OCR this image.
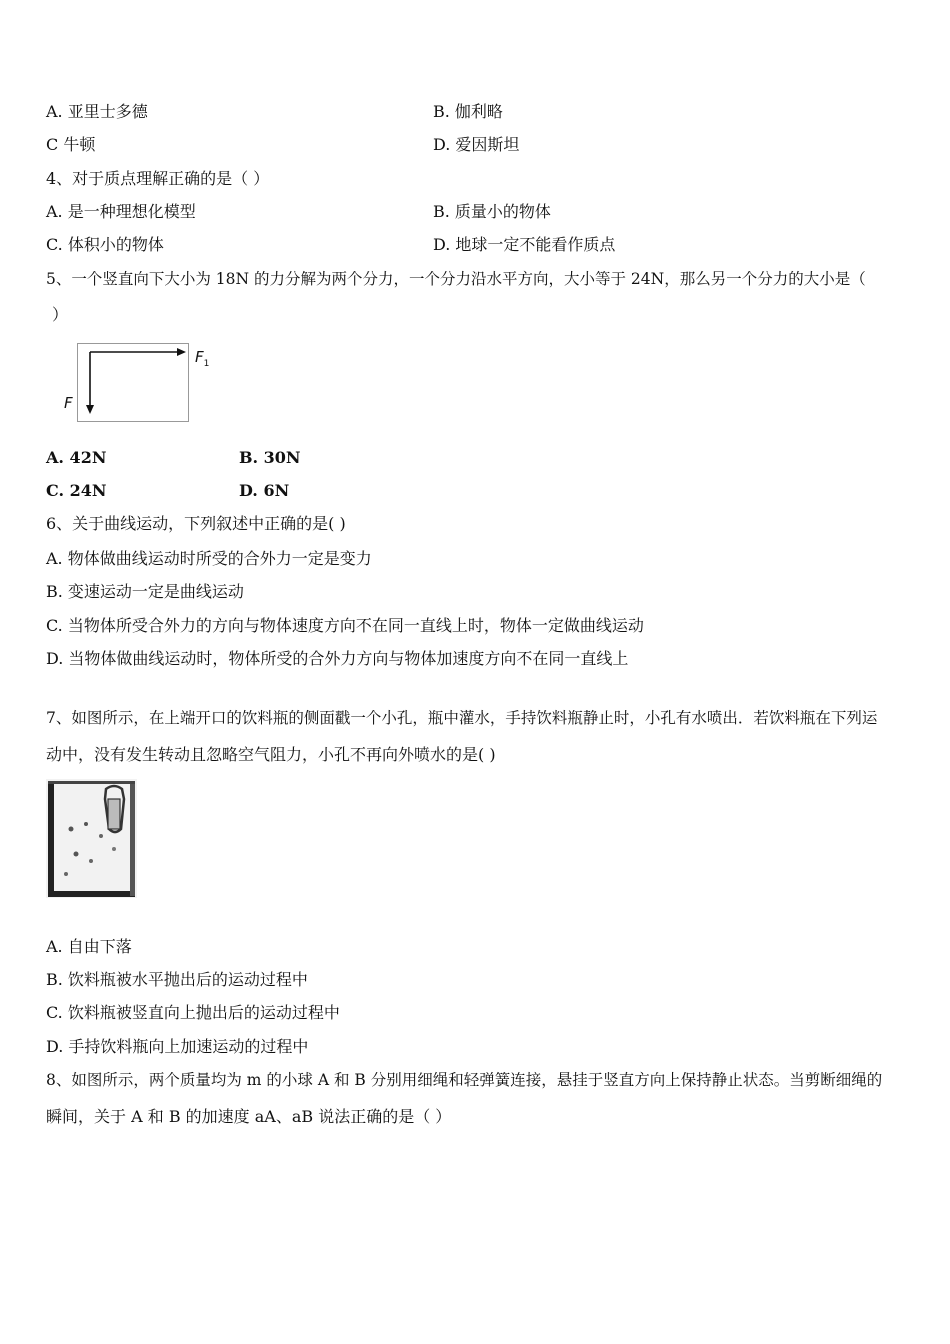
A. 亚里士多德	B. 伽利略
C 牛顿	D. 爱因斯坦
4、对于质点理解正确的是（ ）
A. 是一种理想化模型	B. 质量小的物体
C. 体积小的物体	D. 地球一定不能看作质点
5、一个竖直向下大小为 18N 的力分解为两个分力，一个分力沿水平方向，大小等于 24N，那么另一个分力的大小是（
）
$F_1$
F
A. 42N	B. 30N
C. 24N	D. 6N
6、关于曲线运动，下列叙述中正确的是( )
A. 物体做曲线运动时所受的合外力一定是变力
B. 变速运动一定是曲线运动
C. 当物体所受合外力的方向与物体速度方向不在同一直线上时，物体一定做曲线运动
D. 当物体做曲线运动时，物体所受的合外力方向与物体加速度方向不在同一直线上
7、如图所示，在上端开口的饮料瓶的侧面戳一个小孔，瓶中灌水，手持饮料瓶静止时，小孔有水喷出．若饮料瓶在下列运
动中，没有发生转动且忽略空气阻力，小孔不再向外喷水的是( )
A. 自由下落
B. 饮料瓶被水平抛出后的运动过程中
C. 饮料瓶被竖直向上抛出后的运动过程中
D. 手持饮料瓶向上加速运动的过程中
8、如图所示，两个质量均为 m 的小球 A 和 B 分别用细绳和轻弹簧连接，悬挂于竖直方向上保持静止状态。当剪断细绳的
瞬间，关于 A 和 B 的加速度 aA、aB 说法正确的是（ ）
